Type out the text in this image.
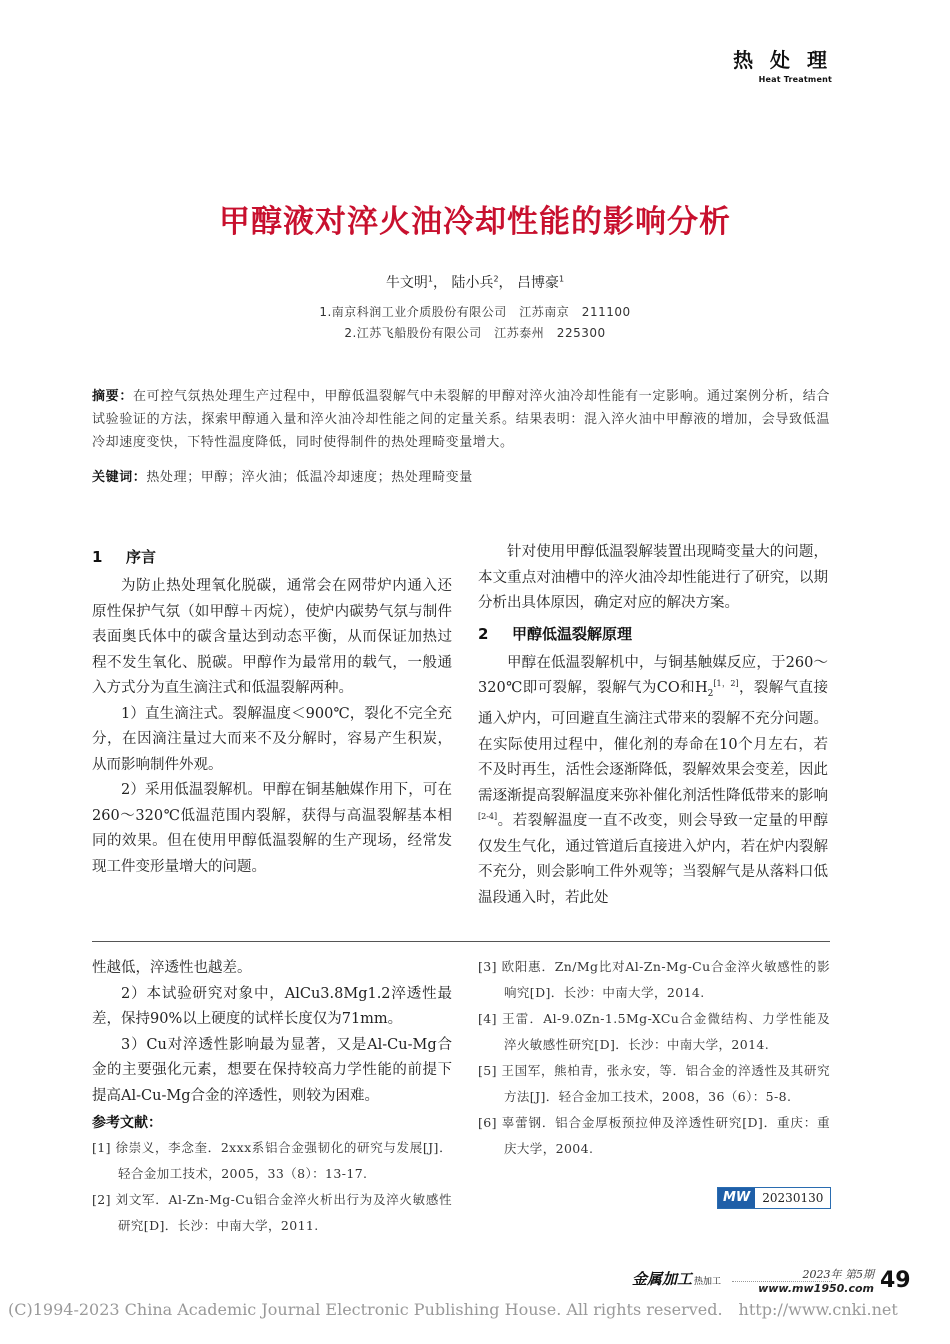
热 处 理
Heat Treatment
甲醇液对淬火油冷却性能的影响分析
牛文明$^1$， 陆小兵$^2$， 吕博豪$^1$
1.南京科润工业介质股份有限公司　江苏南京　211100
2.江苏飞船股份有限公司　江苏泰州　225300
摘要：在可控气氛热处理生产过程中，甲醇低温裂解气中未裂解的甲醇对淬火油冷却性能有一定影响。通过案例分析，结合试验验证的方法，探索甲醇通入量和淬火油冷却性能之间的定量关系。结果表明：混入淬火油中甲醇液的增加，会导致低温冷却速度变快，下特性温度降低，同时使得制件的热处理畸变量增大。
关键词：热处理；甲醇；淬火油；低温冷却速度；热处理畸变量
1 序言

为防止热处理氧化脱碳，通常会在网带炉内通入还原性保护气氛（如甲醇＋丙烷），使炉内碳势气氛与制件表面奥氏体中的碳含量达到动态平衡，从而保证加热过程不发生氧化、脱碳。甲醇作为最常用的载气，一般通入方式分为直生滴注式和低温裂解两种。

1）直生滴注式。裂解温度＜900℃，裂化不完全充分，在因滴注量过大而来不及分解时，容易产生积炭，从而影响制件外观。

2）采用低温裂解机。甲醇在铜基触媒作用下，可在260～320℃低温范围内裂解，获得与高温裂解基本相同的效果。但在使用甲醇低温裂解的生产现场，经常发现工件变形量增大的问题。

针对使用甲醇低温裂解装置出现畸变量大的问题，本文重点对油槽中的淬火油冷却性能进行了研究，以期分析出具体原因，确定对应的解决方案。

2 甲醇低温裂解原理

甲醇在低温裂解机中，与铜基触媒反应，于260～320℃即可裂解，裂解气为CO和$H_2[1,2]$，裂解气直接通入炉内，可回避直生滴注式带来的裂解不充分问题。在实际使用过程中，催化剂的寿命在10个月左右，若不及时再生，活性会逐渐降低，裂解效果会变差，因此需逐渐提高裂解温度来弥补催化剂活性降低带来的影响[2-4]。若裂解温度一直不改变，则会导致一定量的甲醇仅发生气化，通过管道后直接进入炉内，若在炉内裂解不充分，则会影响工件外观等；当裂解气是从落料口低温段通入时，若此处

性越低，淬透性也越差。

2）本试验研究对象中，AlCu3.8Mg1.2淬透性最差，保持90%以上硬度的试样长度仅为71mm。

3）Cu对淬透性影响最为显著，又是Al-Cu-Mg合金的主要强化元素，想要在保持较高力学性能的前提下提高Al-Cu-Mg合金的淬透性，则较为困难。

参考文献：
[1] 徐崇义，李念奎．2xxx系铝合金强韧化的研究与发展[J]．轻合金加工技术，2005，33（8）：13-17.
[2] 刘文军．Al-Zn-Mg-Cu铝合金淬火析出行为及淬火敏感性研究[D]．长沙：中南大学，2011.
[3] 欧阳惠．Zn/Mg比对Al-Zn-Mg-Cu合金淬火敏感性的影响究[D]．长沙：中南大学，2014.
[4] 王雷．Al-9.0Zn-1.5Mg-XCu合金微结构、力学性能及淬火敏感性研究[D]．长沙：中南大学，2014.
[5] 王国军，熊柏青，张永安，等．铝合金的淬透性及其研究方法[J]．轻合金加工技术，2008，36（6）：5-8.
[6] 辜蕾钢．铝合金厚板预拉伸及淬透性研究[D]．重庆：重庆大学，2004.
MW	20230130
金属加工 热加工
2023年 第5期
www.mw1950.com 49
(C)1994-2023 China Academic Journal Electronic Publishing House. All rights reserved.　http://www.cnki.net
